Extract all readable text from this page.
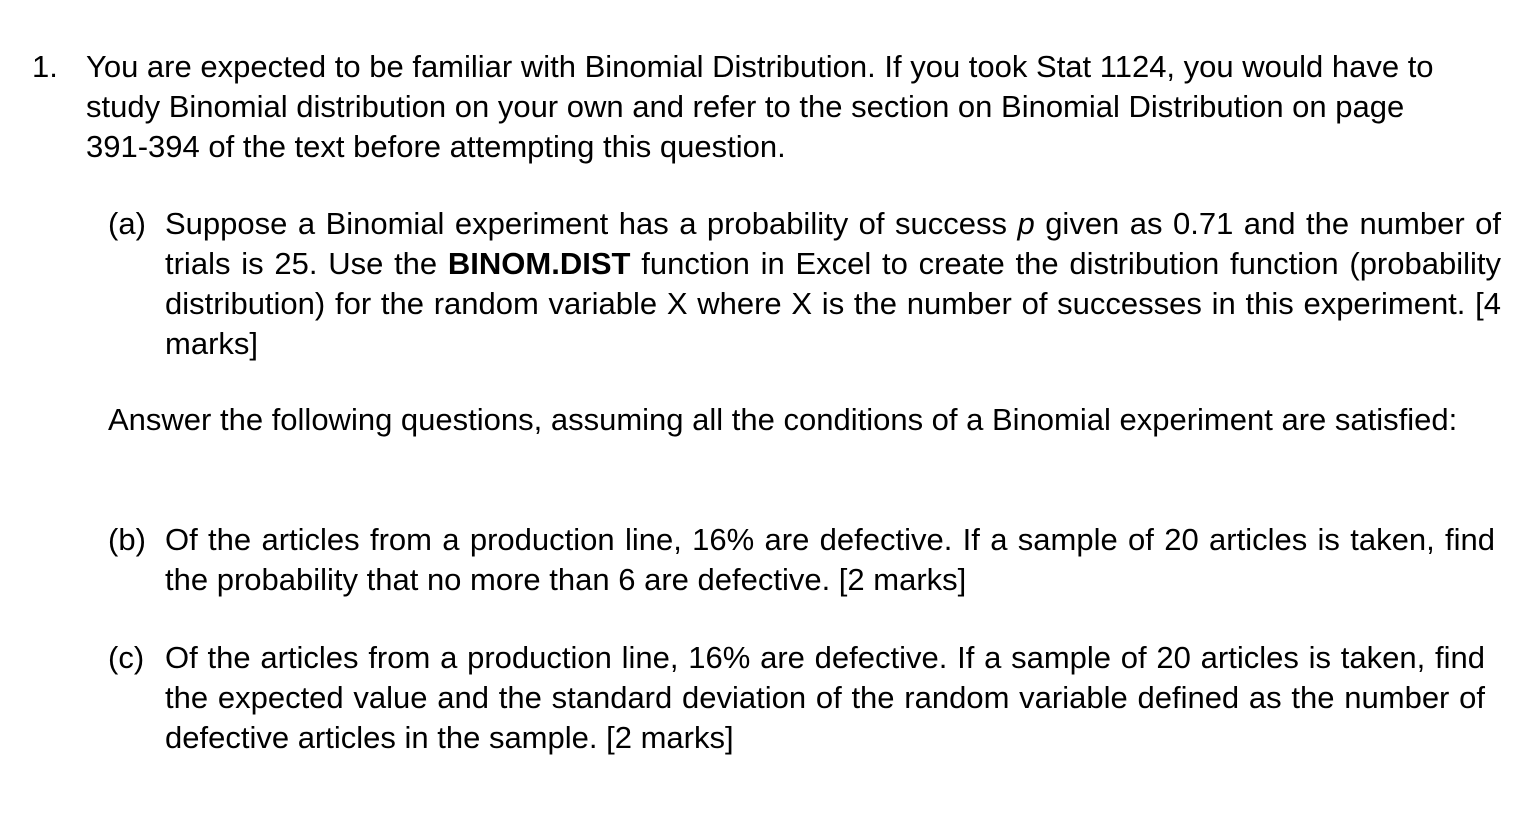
1. You are expected to be familiar with Binomial Distribution. If you took Stat 1124, you would have to study Binomial distribution on your own and refer to the section on Binomial Distribution on page 391-394 of the text before attempting this question.

(a) Suppose a Binomial experiment has a probability of success p given as 0.71 and the number of trials is 25. Use the BINOM.DIST function in Excel to create the distribution function (probability distribution) for the random variable X where X is the number of successes in this experiment. [4 marks]

Answer the following questions, assuming all the conditions of a Binomial experiment are satisfied:

(b) Of the articles from a production line, 16% are defective. If a sample of 20 articles is taken, find the probability that no more than 6 are defective. [2 marks]

(c) Of the articles from a production line, 16% are defective. If a sample of 20 articles is taken, find the expected value and the standard deviation of the random variable defined as the number of defective articles in the sample. [2 marks]
